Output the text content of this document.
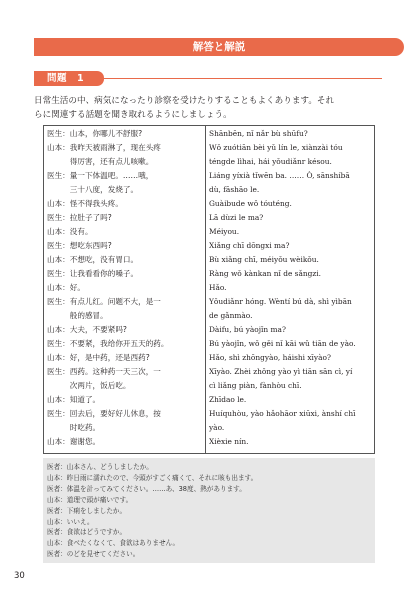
解答と解説
問題　1
日常生活の中、病気になったり診察を受けたりすることもよくあります。それ
らに関連する話題を聞き取れるようにしましょう。
医生：山本，你哪儿不舒服?
山本：我昨天被雨淋了，现在头疼
　　　得厉害，还有点儿咳嗽。
医生：量一下体温吧。……哦，
　　　三十八度，发烧了。
山本：怪不得我头疼。
医生：拉肚子了吗?
山本：没有。
医生：想吃东西吗?
山本：不想吃，没有胃口。
医生：让我看看你的嗓子。
山本：好。
医生：有点儿红。问题不大，是一
　　　般的感冒。
山本：大夫，不要紧吗?
医生：不要紧，我给你开五天的药。
山本：好，是中药，还是西药?
医生：西药。这种药一天三次，一
　　　次两片，饭后吃。
山本：知道了。
医生：回去后，要好好儿休息，按
　　　时吃药。
山本：谢谢您。
Shānbēn, nǐ nǎr bù shūfu?
Wǒ zuótiān bèi yǔ lín le, xiànzài tóu
téngde lìhai, hái yǒudiǎnr késou.
Liáng yíxià tǐwēn ba. …… Ò, sānshíbā
dù, fāshāo le.
Guàibude wǒ tóuténg.
Lā dùzi le ma?
Méiyou.
Xiǎng chī dōngxi ma?
Bù xiǎng chī, méiyǒu wèikǒu.
Ràng wǒ kànkan nǐ de sǎngzi.
Hǎo.
Yǒudiǎnr hóng. Wèntí bú dà, shì yìbān
de gǎnmào.
Dàifu, bú yàojǐn ma?
Bú yàojǐn, wǒ gěi nǐ kāi wǔ tiān de yào.
Hǎo, shì zhōngyào, háishi xīyào?
Xīyào. Zhèi zhǒng yào yì tiān sān cì, yí
cì liǎng piàn, fànhòu chī.
Zhīdao le.
Huíquhòu, yào hǎohāor xiūxi, ànshí chī
yào.
Xièxie nín.
医者：山本さん、どうしましたか。
山本：昨日雨に濡れたので、今頭がすごく痛くて、それに咳も出ます。
医者：体温を計ってみてください。……あ、38度、熱があります。
山本：道理で頭が痛いです。
医者：下痢をしましたか。
山本：いいえ。
医者：食欲はどうですか。
山本：食べたくなくて、食欲はありません。
医者：のどを見せてください。
30
